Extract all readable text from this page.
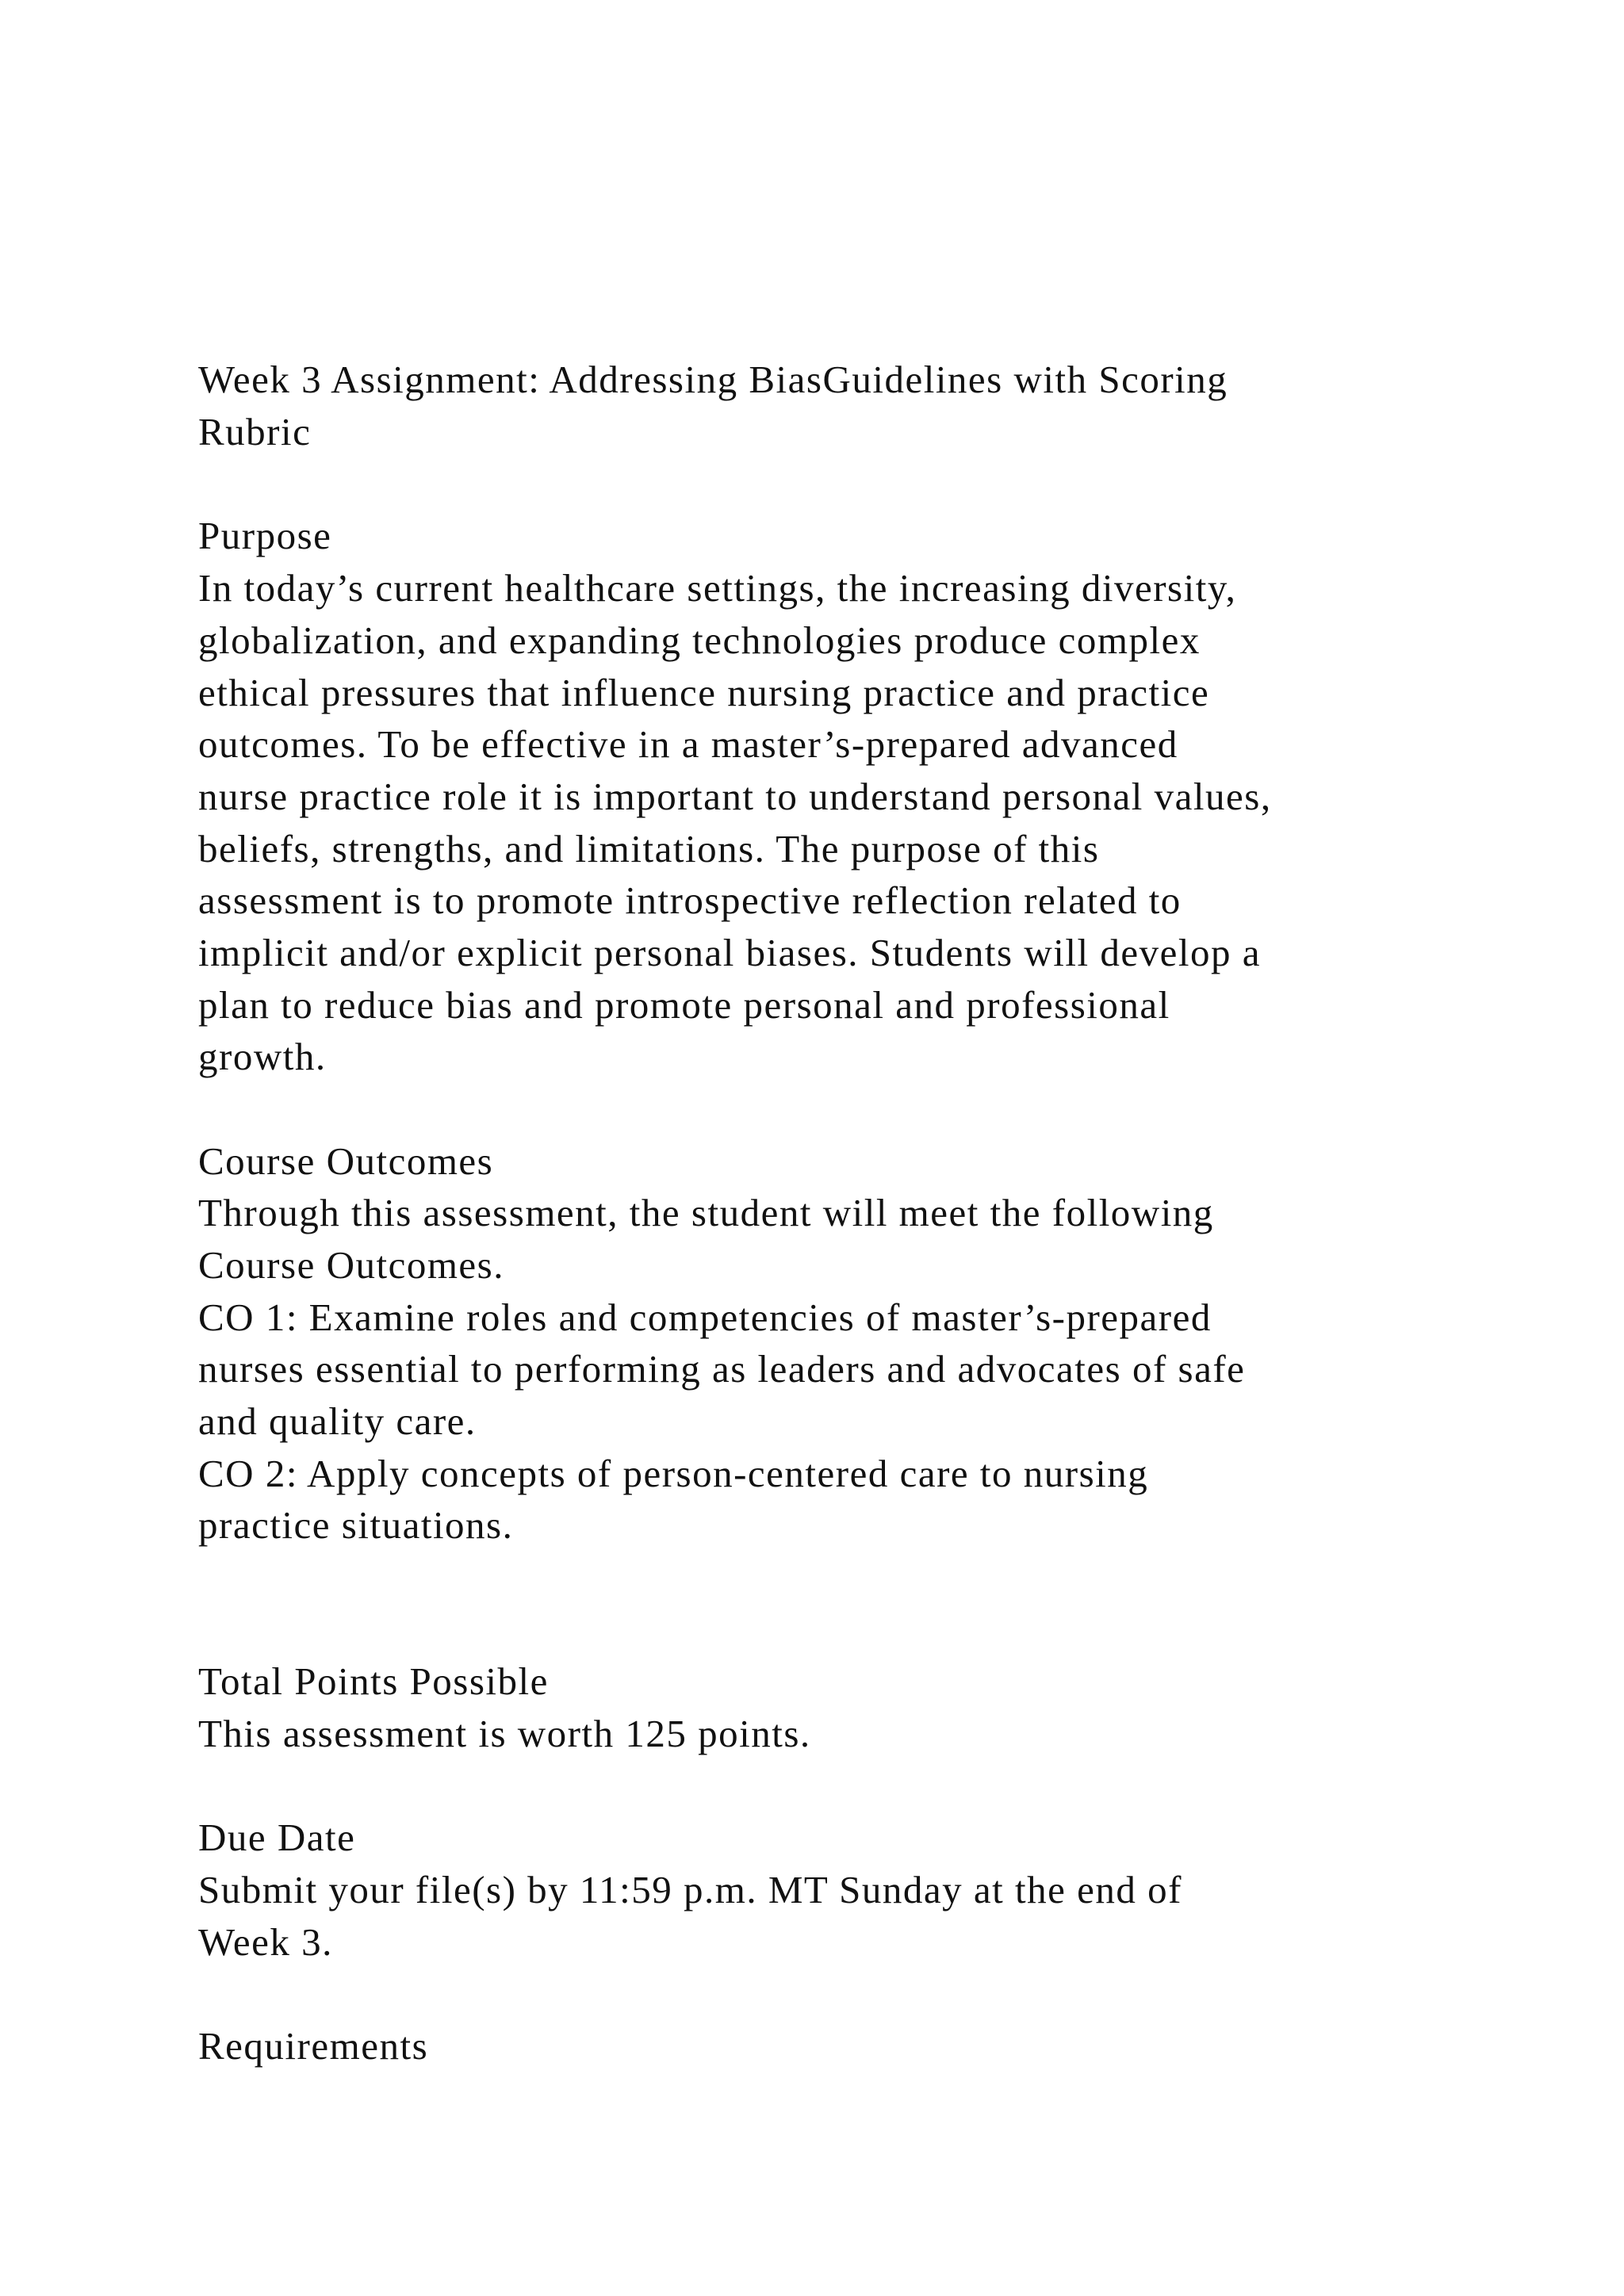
Week 3 Assignment: Addressing BiasGuidelines with Scoring

Rubric

Purpose

In today’s current healthcare settings, the increasing diversity,

globalization, and expanding technologies produce complex

ethical pressures that influence nursing practice and practice

outcomes. To be effective in a master’s-prepared advanced

nurse practice role it is important to understand personal values,

beliefs, strengths, and limitations. The purpose of this

assessment is to promote introspective reflection related to

implicit and/or explicit personal biases. Students will develop a

plan to reduce bias and promote personal and professional

growth.

Course Outcomes

Through this assessment, the student will meet the following

Course Outcomes.

CO 1: Examine roles and competencies of master’s-prepared

nurses essential to performing as leaders and advocates of safe

and quality care.

CO 2: Apply concepts of person-centered care to nursing

practice situations.

Total Points Possible

This assessment is worth 125 points.

Due Date

Submit your file(s) by 11:59 p.m. MT Sunday at the end of

Week 3.

Requirements
